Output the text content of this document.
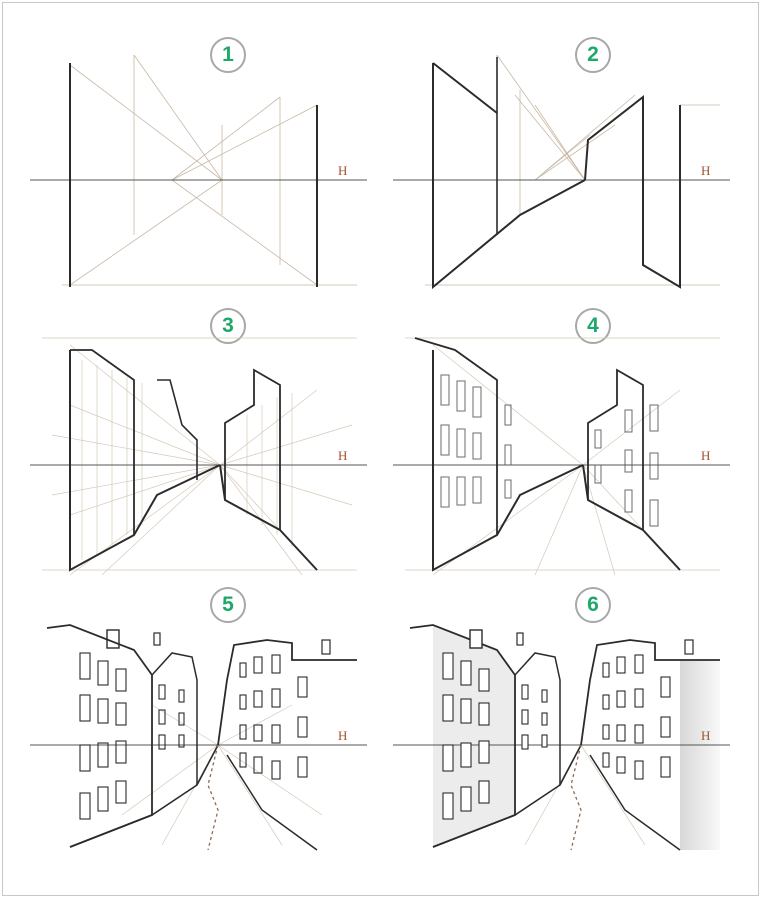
1
H
2
H
3
H
4
H
5
H
6
H
